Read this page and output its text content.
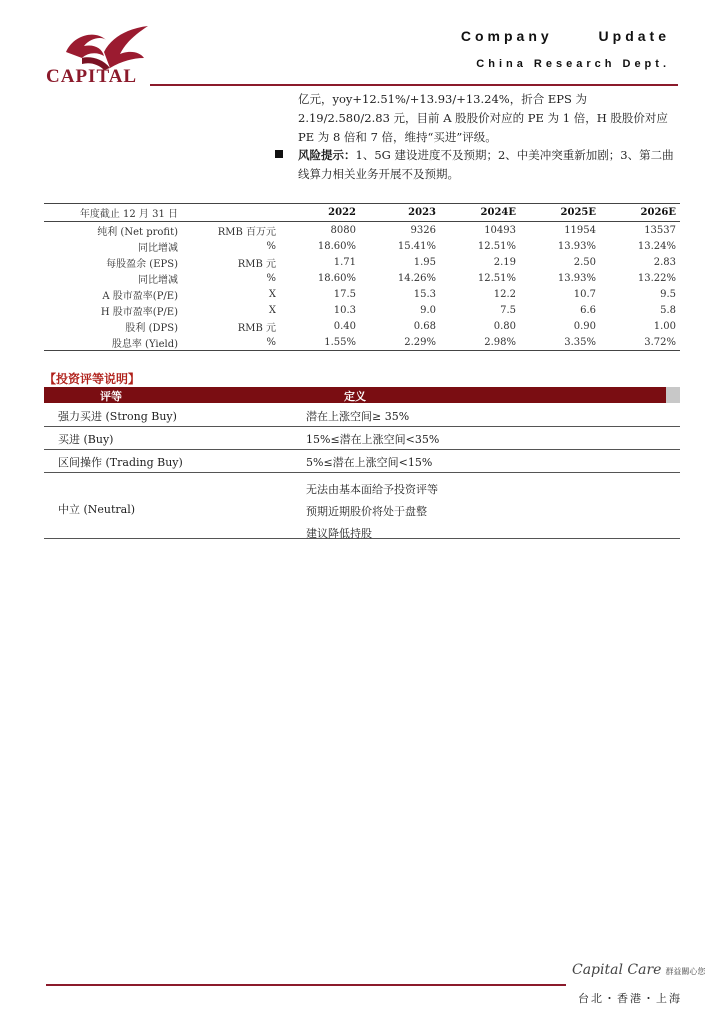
CAPITAL
Company Update
China Research Dept.
亿元，yoy+12.51%/+13.93/+13.24%，折合 EPS 为 2.19/2.580/2.83 元，目前 A 股股价对应的 PE 为 1 倍，H 股股价对应 PE 为 8 倍和 7 倍，维持“买进”评级。
风险提示：1、5G 建设进度不及预期；2、中美冲突重新加剧；3、第二曲线算力相关业务开展不及预期。
年度截止 12 月 31 日		2022	2023	2024E	2025E	2026E
纯利 (Net profit)	RMB 百万元	8080	9326	10493	11954	13537
同比增减	%	18.60%	15.41%	12.51%	13.93%	13.24%
每股盈余 (EPS)	RMB 元	1.71	1.95	2.19	2.50	2.83
同比增减	%	18.60%	14.26%	12.51%	13.93%	13.22%
A 股市盈率(P/E)	X	17.5	15.3	12.2	10.7	9.5
H 股市盈率(P/E)	X	10.3	9.0	7.5	6.6	5.8
股利 (DPS)	RMB 元	0.40	0.68	0.80	0.90	1.00
股息率 (Yield)	%	1.55%	2.29%	2.98%	3.35%	3.72%
【投资评等说明】
评等	定义
强力买进 (Strong Buy)	潜在上涨空间≥ 35%
买进 (Buy)	15%≤潜在上涨空间<35%
区间操作 (Trading Buy)	5%≤潜在上涨空间<15%
中立 (Neutral)
无法由基本面给予投资评等
预期近期股价将处于盘整
建议降低持股
Capital Care 群益關心您
台北・香港・上海
